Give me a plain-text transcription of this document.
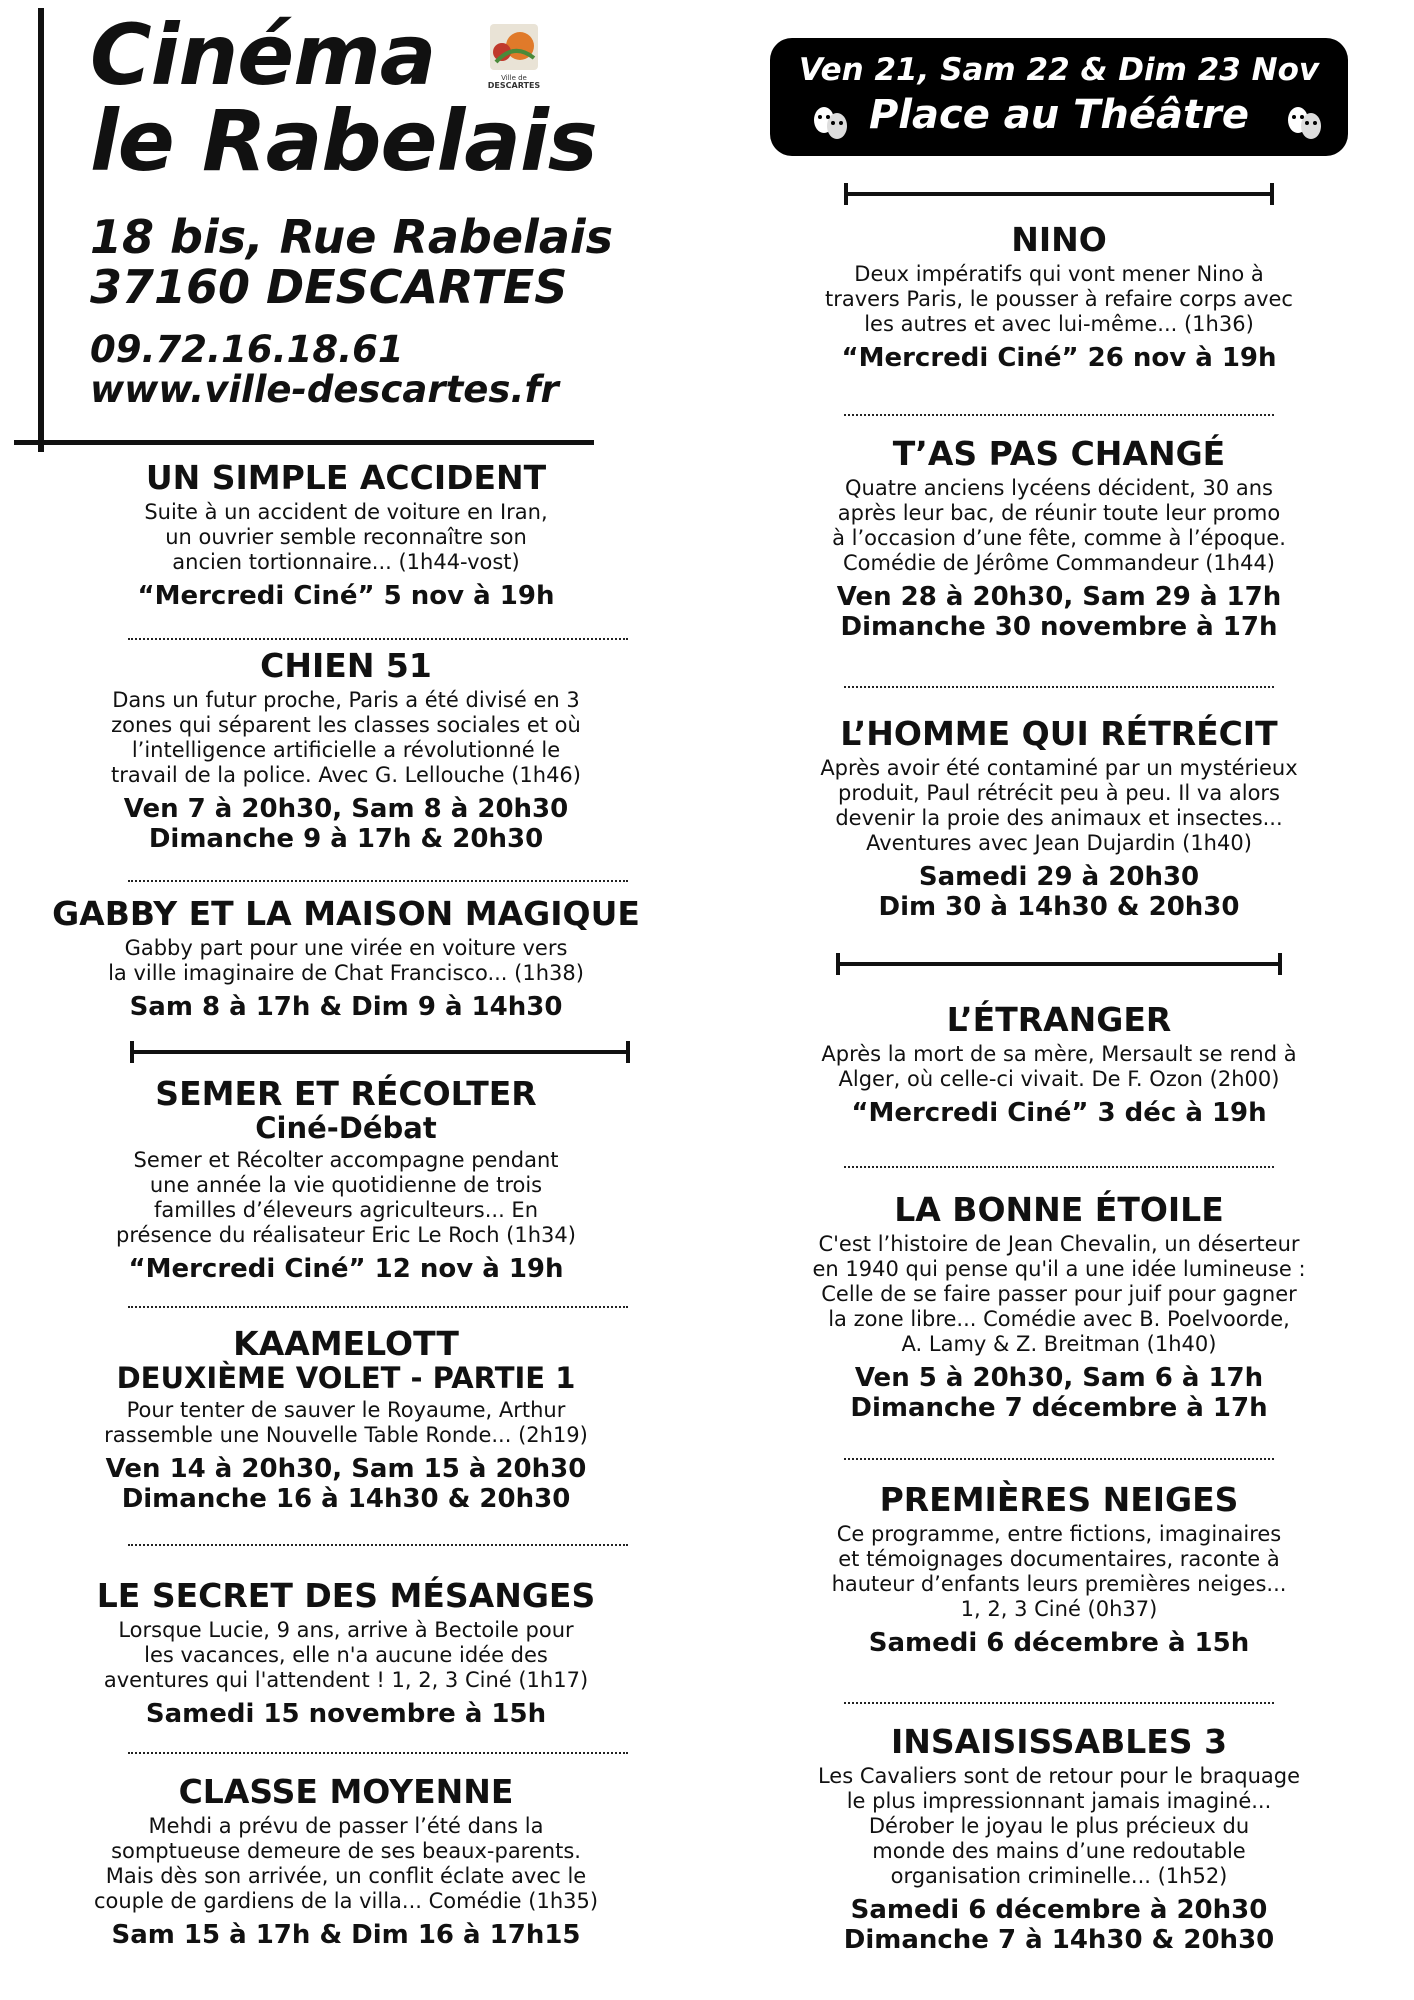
Cinéma
le Rabelais
Ville de
DESCARTES
18 bis, Rue Rabelais
37160 DESCARTES
09.72.16.18.61
www.ville-descartes.fr
Ven 21, Sam 22 & Dim 23 Nov
Place au Théâtre
UN SIMPLE ACCIDENT
Suite à un accident de voiture en Iran,
un ouvrier semble reconnaître son
ancien tortionnaire... (1h44-vost)
“Mercredi Ciné” 5 nov à 19h
CHIEN 51
Dans un futur proche, Paris a été divisé en 3
zones qui séparent les classes sociales et où
l’intelligence artificielle a révolutionné le
travail de la police. Avec G. Lellouche (1h46)
Ven 7 à 20h30, Sam 8 à 20h30
Dimanche 9 à 17h & 20h30
GABBY ET LA MAISON MAGIQUE
Gabby part pour une virée en voiture vers
la ville imaginaire de Chat Francisco... (1h38)
Sam 8 à 17h & Dim 9 à 14h30
SEMER ET RÉCOLTER
Ciné-Débat
Semer et Récolter accompagne pendant
une année la vie quotidienne de trois
familles d’éleveurs agriculteurs... En
présence du réalisateur Eric Le Roch (1h34)
“Mercredi Ciné” 12 nov à 19h
KAAMELOTT
DEUXIÈME VOLET - PARTIE 1
Pour tenter de sauver le Royaume, Arthur
rassemble une Nouvelle Table Ronde... (2h19)
Ven 14 à 20h30, Sam 15 à 20h30
Dimanche 16 à 14h30 & 20h30
LE SECRET DES MÉSANGES
Lorsque Lucie, 9 ans, arrive à Bectoile pour
les vacances, elle n'a aucune idée des
aventures qui l'attendent ! 1, 2, 3 Ciné (1h17)
Samedi 15 novembre à 15h
CLASSE MOYENNE
Mehdi a prévu de passer l’été dans la
somptueuse demeure de ses beaux-parents.
Mais dès son arrivée, un conflit éclate avec le
couple de gardiens de la villa... Comédie (1h35)
Sam 15 à 17h & Dim 16 à 17h15
NINO
Deux impératifs qui vont mener Nino à
travers Paris, le pousser à refaire corps avec
les autres et avec lui-même... (1h36)
“Mercredi Ciné” 26 nov à 19h
T’AS PAS CHANGÉ
Quatre anciens lycéens décident, 30 ans
après leur bac, de réunir toute leur promo
à l’occasion d’une fête, comme à l’époque.
Comédie de Jérôme Commandeur (1h44)
Ven 28 à 20h30, Sam 29 à 17h
Dimanche 30 novembre à 17h
L’HOMME QUI RÉTRÉCIT
Après avoir été contaminé par un mystérieux
produit, Paul rétrécit peu à peu. Il va alors
devenir la proie des animaux et insectes...
Aventures avec Jean Dujardin (1h40)
Samedi 29 à 20h30
Dim 30 à 14h30 & 20h30
L’ÉTRANGER
Après la mort de sa mère, Mersault se rend à
Alger, où celle-ci vivait. De F. Ozon (2h00)
“Mercredi Ciné” 3 déc à 19h
LA BONNE ÉTOILE
C'est l’histoire de Jean Chevalin, un déserteur
en 1940 qui pense qu'il a une idée lumineuse :
Celle de se faire passer pour juif pour gagner
la zone libre... Comédie avec B. Poelvoorde,
A. Lamy & Z. Breitman (1h40)
Ven 5 à 20h30, Sam 6 à 17h
Dimanche 7 décembre à 17h
PREMIÈRES NEIGES
Ce programme, entre fictions, imaginaires
et témoignages documentaires, raconte à
hauteur d’enfants leurs premières neiges...
1, 2, 3 Ciné (0h37)
Samedi 6 décembre à 15h
INSAISISSABLES 3
Les Cavaliers sont de retour pour le braquage
le plus impressionnant jamais imaginé...
Dérober le joyau le plus précieux du
monde des mains d’une redoutable
organisation criminelle... (1h52)
Samedi 6 décembre à 20h30
Dimanche 7 à 14h30 & 20h30
